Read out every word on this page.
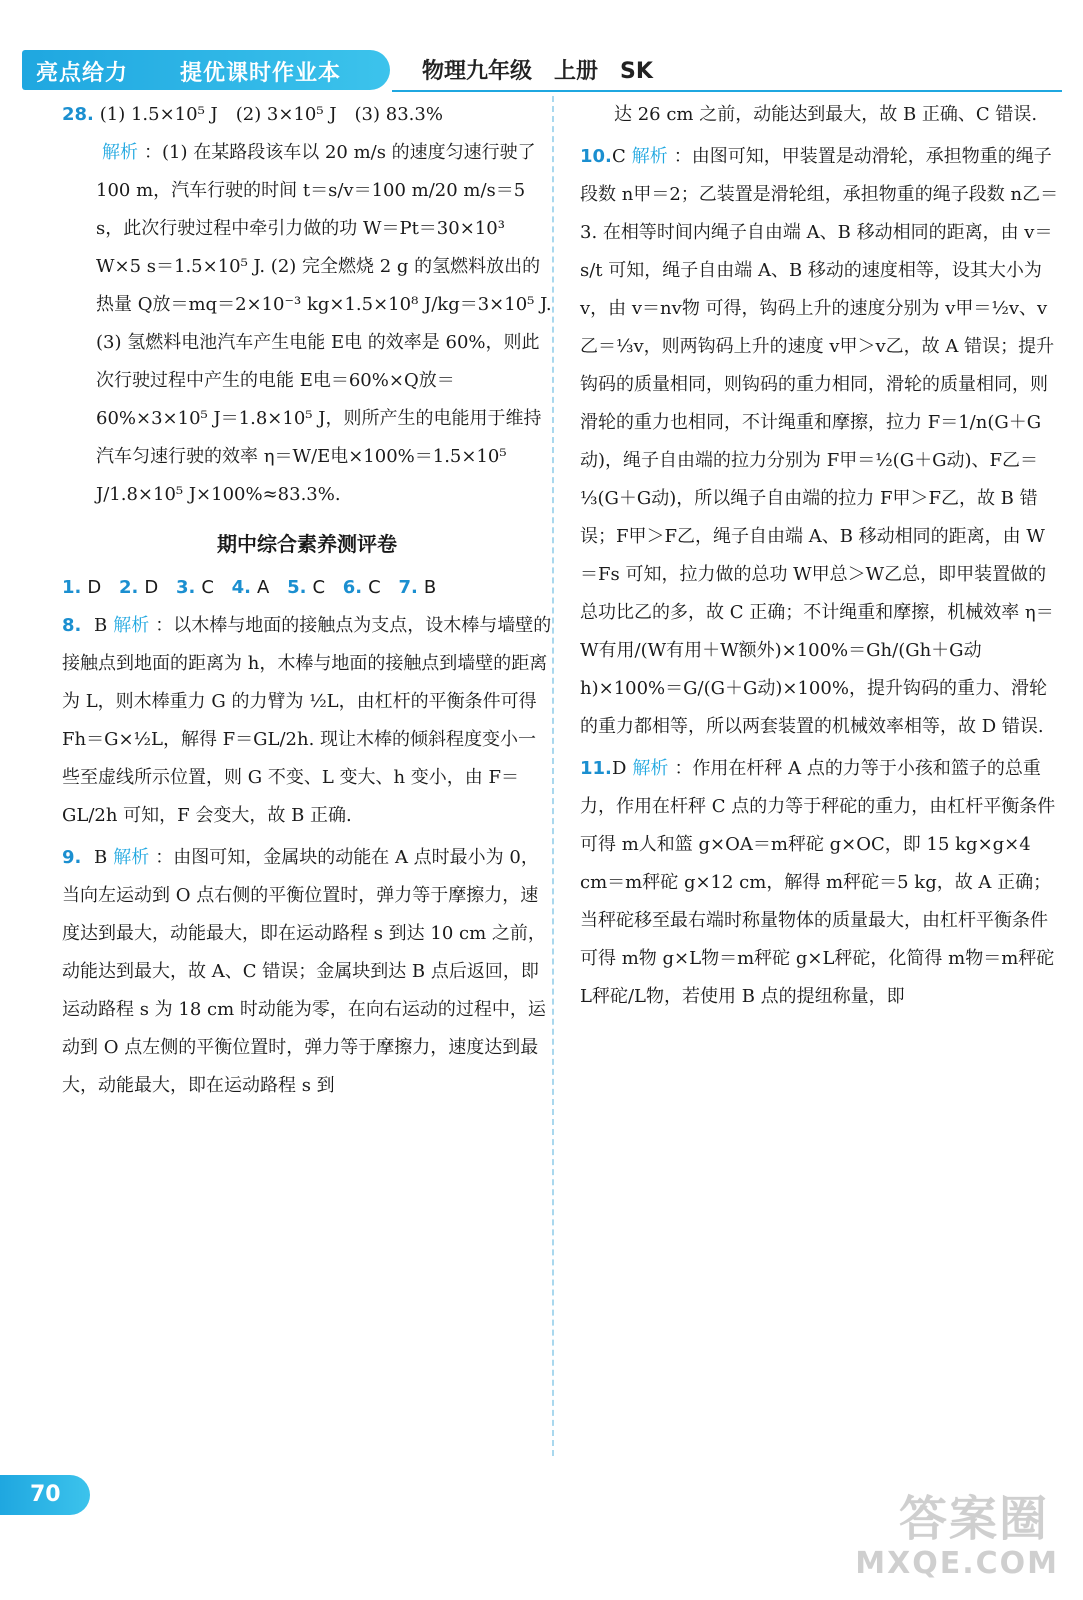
亮点给力 提优课时作业本	物理九年级　上册　SK
28. (1) 1.5×10⁵ J　(2) 3×10⁵ J　(3) 83.3%
解析 ：(1) 在某路段该车以 20 m/s 的速度匀速行驶了 100 m，汽车行驶的时间 t＝s/v＝100 m/20 m/s＝5 s，此次行驶过程中牵引力做的功 W＝Pt＝30×10³ W×5 s＝1.5×10⁵ J. (2) 完全燃烧 2 g 的氢燃料放出的热量 Q放＝mq＝2×10⁻³ kg×1.5×10⁸ J/kg＝3×10⁵ J. (3) 氢燃料电池汽车产生电能 E电 的效率是 60%，则此次行驶过程中产生的电能 E电＝60%×Q放＝60%×3×10⁵ J＝1.8×10⁵ J，则所产生的电能用于维持汽车匀速行驶的效率 η＝W/E电×100%＝1.5×10⁵ J/1.8×10⁵ J×100%≈83.3%.
期中综合素养测评卷
1. D 2. D 3. C 4. A 5. C 6. C 7. B
8. B 解析 ：以木棒与地面的接触点为支点，设木棒与墙壁的接触点到地面的距离为 h，木棒与地面的接触点到墙壁的距离为 L，则木棒重力 G 的力臂为 ½L，由杠杆的平衡条件可得 Fh＝G×½L，解得 F＝GL/2h. 现让木棒的倾斜程度变小一些至虚线所示位置，则 G 不变、L 变大、h 变小，由 F＝GL/2h 可知，F 会变大，故 B 正确.
9. B 解析 ：由图可知，金属块的动能在 A 点时最小为 0，当向左运动到 O 点右侧的平衡位置时，弹力等于摩擦力，速度达到最大，动能最大，即在运动路程 s 到达 10 cm 之前，动能达到最大，故 A、C 错误；金属块到达 B 点后返回，即运动路程 s 为 18 cm 时动能为零，在向右运动的过程中，运动到 O 点左侧的平衡位置时，弹力等于摩擦力，速度达到最大，动能最大，即在运动路程 s 到
达 26 cm 之前，动能达到最大，故 B 正确、C 错误.
10.C 解析 ：由图可知，甲装置是动滑轮，承担物重的绳子段数 n甲＝2；乙装置是滑轮组，承担物重的绳子段数 n乙＝3. 在相等时间内绳子自由端 A、B 移动相同的距离，由 v＝s/t 可知，绳子自由端 A、B 移动的速度相等，设其大小为 v，由 v＝nv物 可得，钩码上升的速度分别为 v甲＝½v、v乙＝⅓v，则两钩码上升的速度 v甲＞v乙，故 A 错误；提升钩码的质量相同，则钩码的重力相同，滑轮的质量相同，则滑轮的重力也相同，不计绳重和摩擦，拉力 F＝1/n(G＋G动)，绳子自由端的拉力分别为 F甲＝½(G＋G动)、F乙＝⅓(G＋G动)，所以绳子自由端的拉力 F甲＞F乙，故 B 错误；F甲＞F乙，绳子自由端 A、B 移动相同的距离，由 W＝Fs 可知，拉力做的总功 W甲总＞W乙总，即甲装置做的总功比乙的多，故 C 正确；不计绳重和摩擦，机械效率 η＝W有用/(W有用＋W额外)×100%＝Gh/(Gh＋G动h)×100%＝G/(G＋G动)×100%，提升钩码的重力、滑轮的重力都相等，所以两套装置的机械效率相等，故 D 错误.
11.D 解析 ：作用在杆秤 A 点的力等于小孩和篮子的总重力，作用在杆秤 C 点的力等于秤砣的重力，由杠杆平衡条件可得 m人和篮 g×OA＝m秤砣 g×OC，即 15 kg×g×4 cm＝m秤砣 g×12 cm，解得 m秤砣＝5 kg，故 A 正确；当秤砣移至最右端时称量物体的质量最大，由杠杆平衡条件可得 m物 g×L物＝m秤砣 g×L秤砣，化简得 m物＝m秤砣L秤砣/L物，若使用 B 点的提纽称量，即
70	答案圈
MXQE.COM
